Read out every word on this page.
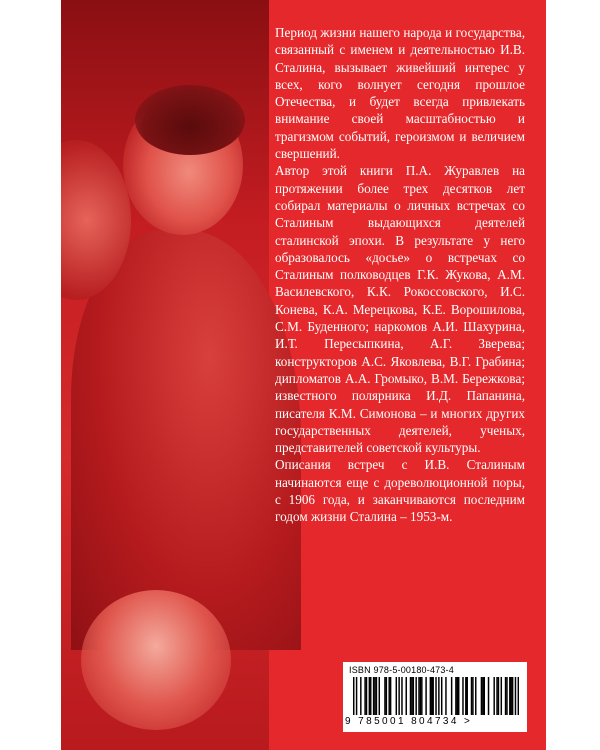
Период жизни нашего народа и государства, связанный с именем и деятельностью И.В. Сталина, вызывает живейший интерес у всех, кого волнует сегодня прошлое Отечества, и будет всегда привлекать внимание своей масштабностью и трагизмом событий, героизмом и величием свершений.

Автор этой книги П.А. Журавлев на протяжении более трех десятков лет собирал материалы о личных встречах со Сталиным выдающихся деятелей сталинской эпохи. В результате у него образовалось «досье» о встречах со Сталиным полководцев Г.К. Жукова, А.М. Василевского, К.К. Рокоссовского, И.С. Конева, К.А. Мерецкова, К.Е. Ворошилова, С.М. Буденного; наркомов А.И. Шахурина, И.Т. Пересыпкина, А.Г. Зверева; конструкторов А.С. Яковлева, В.Г. Грабина; дипломатов А.А. Громыко, В.М. Бережкова; известного полярника И.Д. Папанина, писателя К.М. Симонова – и многих других государственных деятелей, ученых, представителей советской культуры.

Описания встреч с И.В. Сталиным начинаются еще с дореволюционной поры, с 1906 года, и заканчиваются последним годом жизни Сталина – 1953-м.

ISBN 978-5-00180-473-4
9 785001 804734 >
